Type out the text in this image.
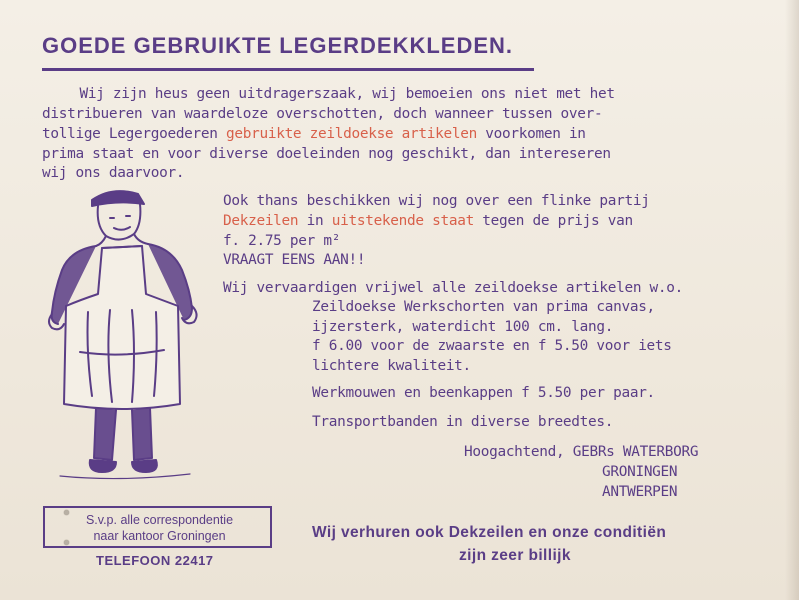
GOEDE GEBRUIKTE LEGERDEKKLEDEN.
Wij zijn heus geen uitdragerszaak, wij bemoeien ons niet met het
distribueren van waardeloze overschotten, doch wanneer tussen over-
tollige Legergoederen gebruikte zeildoekse artikelen voorkomen in
prima staat en voor diverse doeleinden nog geschikt, dan intereseren
wij ons daarvoor.
Ook thans beschikken wij nog over een flinke partij
Dekzeilen in uitstekende staat tegen de prijs van
f. 2.75 per m²
VRAAGT EENS AAN!!
Wij vervaardigen vrijwel alle zeildoekse artikelen w.o.
Zeildoekse Werkschorten van prima canvas,
ijzersterk, waterdicht 100 cm. lang.
f 6.00 voor de zwaarste en f 5.50 voor iets
lichtere kwaliteit.
Werkmouwen en beenkappen f 5.50 per paar.
Transportbanden in diverse breedtes.
Hoogachtend, GEBRs WATERBORG
GRONINGEN
ANTWERPEN
S.v.p. alle correspondentie
naar kantoor Groningen
TELEFOON 22417
Wij verhuren ook Dekzeilen en onze conditiën
zijn zeer billijk
